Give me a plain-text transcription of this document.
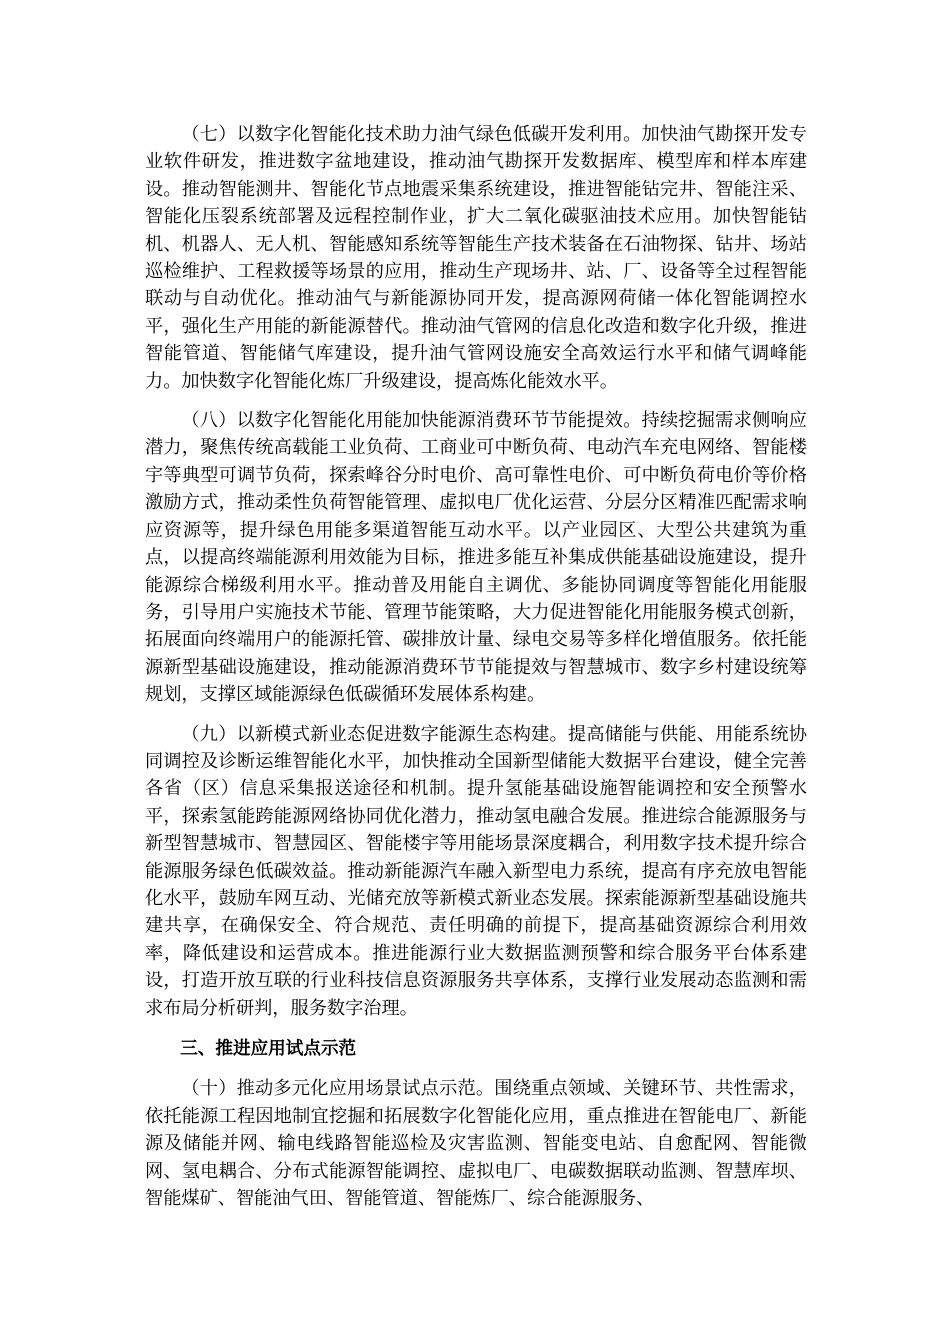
（七）以数字化智能化技术助力油气绿色低碳开发利用。加快油气勘探开发专业软件研发，推进数字盆地建设，推动油气勘探开发数据库、模型库和样本库建设。推动智能测井、智能化节点地震采集系统建设，推进智能钻完井、智能注采、智能化压裂系统部署及远程控制作业，扩大二氧化碳驱油技术应用。加快智能钻机、机器人、无人机、智能感知系统等智能生产技术装备在石油物探、钻井、场站巡检维护、工程救援等场景的应用，推动生产现场井、站、厂、设备等全过程智能联动与自动优化。推动油气与新能源协同开发，提高源网荷储一体化智能调控水平，强化生产用能的新能源替代。推动油气管网的信息化改造和数字化升级，推进智能管道、智能储气库建设，提升油气管网设施安全高效运行水平和储气调峰能力。加快数字化智能化炼厂升级建设，提高炼化能效水平。

（八）以数字化智能化用能加快能源消费环节节能提效。持续挖掘需求侧响应潜力，聚焦传统高载能工业负荷、工商业可中断负荷、电动汽车充电网络、智能楼宇等典型可调节负荷，探索峰谷分时电价、高可靠性电价、可中断负荷电价等价格激励方式，推动柔性负荷智能管理、虚拟电厂优化运营、分层分区精准匹配需求响应资源等，提升绿色用能多渠道智能互动水平。以产业园区、大型公共建筑为重点，以提高终端能源利用效能为目标，推进多能互补集成供能基础设施建设，提升能源综合梯级利用水平。推动普及用能自主调优、多能协同调度等智能化用能服务，引导用户实施技术节能、管理节能策略，大力促进智能化用能服务模式创新，拓展面向终端用户的能源托管、碳排放计量、绿电交易等多样化增值服务。依托能源新型基础设施建设，推动能源消费环节节能提效与智慧城市、数字乡村建设统筹规划，支撑区域能源绿色低碳循环发展体系构建。

（九）以新模式新业态促进数字能源生态构建。提高储能与供能、用能系统协同调控及诊断运维智能化水平，加快推动全国新型储能大数据平台建设，健全完善各省（区）信息采集报送途径和机制。提升氢能基础设施智能调控和安全预警水平，探索氢能跨能源网络协同优化潜力，推动氢电融合发展。推进综合能源服务与新型智慧城市、智慧园区、智能楼宇等用能场景深度耦合，利用数字技术提升综合能源服务绿色低碳效益。推动新能源汽车融入新型电力系统，提高有序充放电智能化水平，鼓励车网互动、光储充放等新模式新业态发展。探索能源新型基础设施共建共享，在确保安全、符合规范、责任明确的前提下，提高基础资源综合利用效率，降低建设和运营成本。推进能源行业大数据监测预警和综合服务平台体系建设，打造开放互联的行业科技信息资源服务共享体系，支撑行业发展动态监测和需求布局分析研判，服务数字治理。

三、推进应用试点示范

（十）推动多元化应用场景试点示范。围绕重点领域、关键环节、共性需求，依托能源工程因地制宜挖掘和拓展数字化智能化应用，重点推进在智能电厂、新能源及储能并网、输电线路智能巡检及灾害监测、智能变电站、自愈配网、智能微网、氢电耦合、分布式能源智能调控、虚拟电厂、电碳数据联动监测、智慧库坝、智能煤矿、智能油气田、智能管道、智能炼厂、综合能源服务、
